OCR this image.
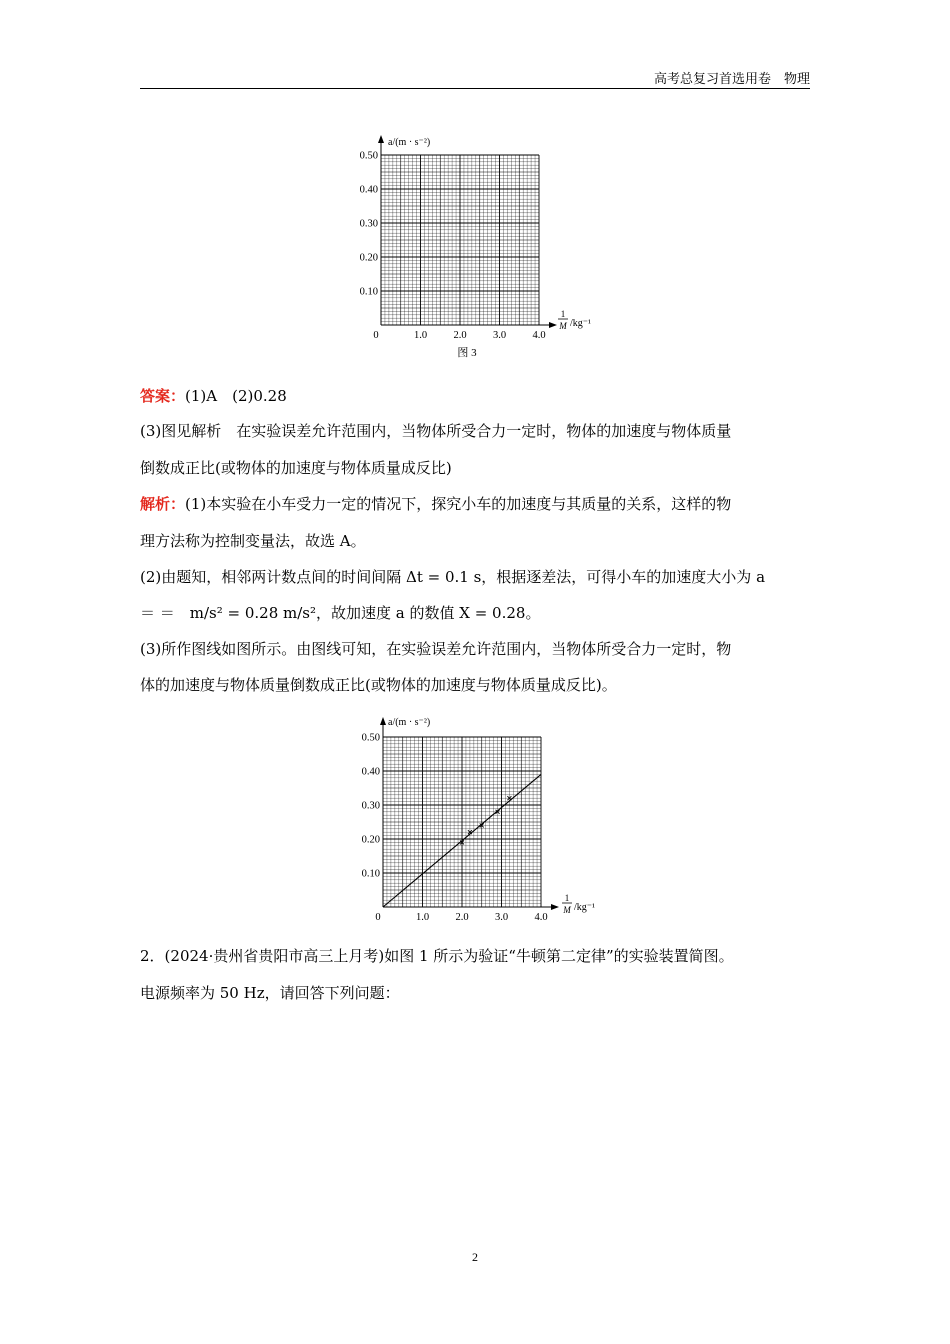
高考总复习首选用卷　物理
0.50
0.40
0.30
0.20
0.10
0	1.0	2.0	3.0	4.0
a/(m · s⁻²)
1
M /kg⁻¹
图 3
答案：(1)A　(2)0.28
(3)图见解析　在实验误差允许范围内，当物体所受合力一定时，物体的加速度与物体质量
倒数成正比(或物体的加速度与物体质量成反比)
解析：(1)本实验在小车受力一定的情况下，探究小车的加速度与其质量的关系，这样的物
理方法称为控制变量法，故选 A。
(2)由题知，相邻两计数点间的时间间隔 Δt = 0.1 s，根据逐差法，可得小车的加速度大小为 a
＝ ＝　m/s² = 0.28 m/s²，故加速度 a 的数值 X = 0.28。
(3)所作图线如图所示。由图线可知，在实验误差允许范围内，当物体所受合力一定时，物
体的加速度与物体质量倒数成正比(或物体的加速度与物体质量成反比)。
0.50
0.40
0.30
0.20
0.10
0	1.0	2.0	3.0	4.0
a/(m · s⁻²)
1
M /kg⁻¹
2．(2024·贵州省贵阳市高三上月考)如图 1 所示为验证“牛顿第二定律”的实验装置简图。
电源频率为 50 Hz，请回答下列问题：
2
